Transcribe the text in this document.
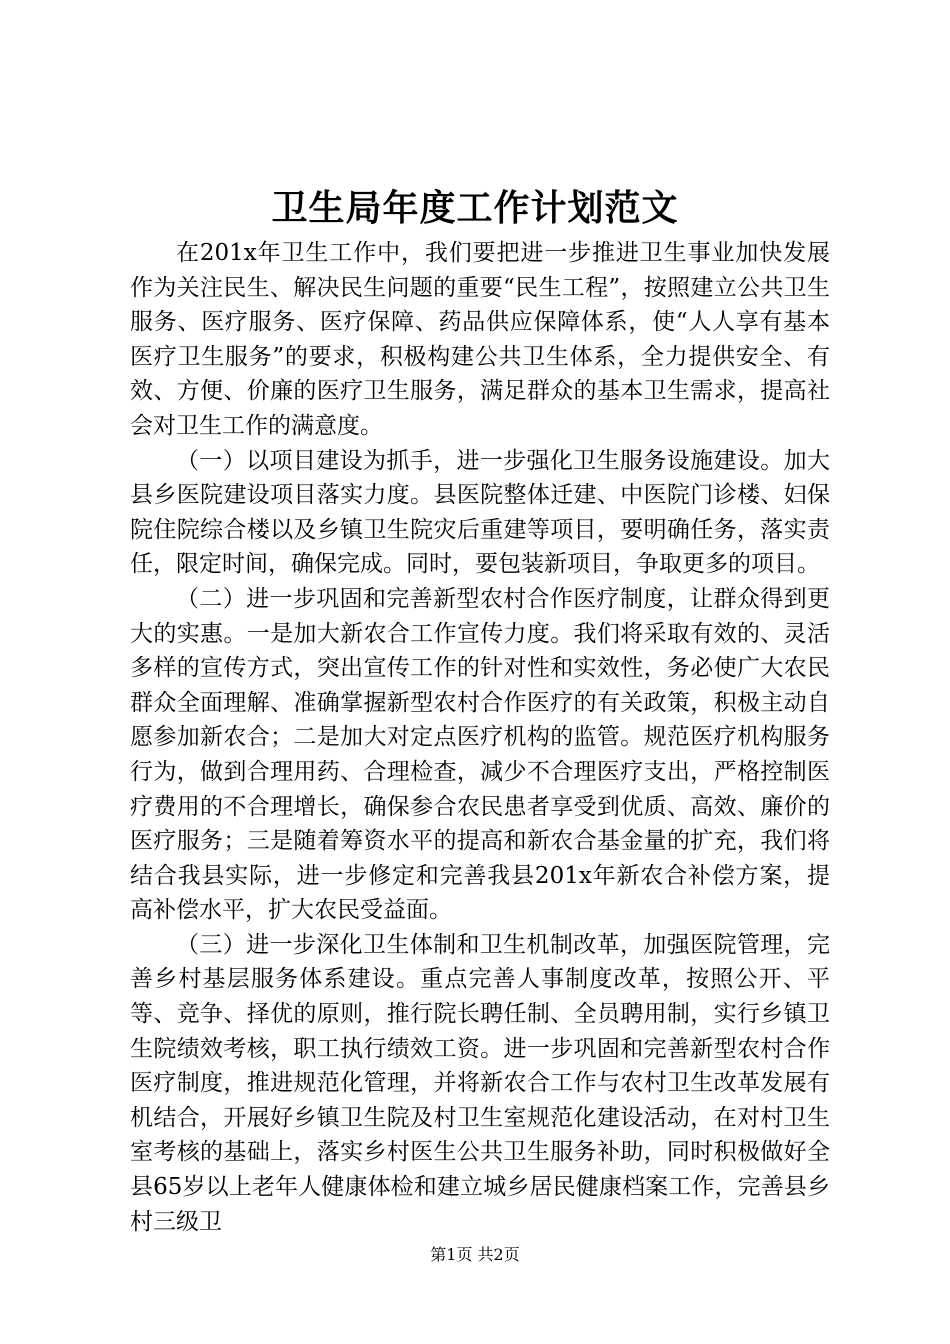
卫生局年度工作计划范文

在201x年卫生工作中，我们要把进一步推进卫生事业加快发展作为关注民生、解决民生问题的重要“民生工程”，按照建立公共卫生服务、医疗服务、医疗保障、药品供应保障体系，使“人人享有基本医疗卫生服务”的要求，积极构建公共卫生体系，全力提供安全、有效、方便、价廉的医疗卫生服务，满足群众的基本卫生需求，提高社会对卫生工作的满意度。

（一）以项目建设为抓手，进一步强化卫生服务设施建设。加大县乡医院建设项目落实力度。县医院整体迁建、中医院门诊楼、妇保院住院综合楼以及乡镇卫生院灾后重建等项目，要明确任务，落实责任，限定时间，确保完成。同时，要包装新项目，争取更多的项目。

（二）进一步巩固和完善新型农村合作医疗制度，让群众得到更大的实惠。一是加大新农合工作宣传力度。我们将采取有效的、灵活多样的宣传方式，突出宣传工作的针对性和实效性，务必使广大农民群众全面理解、准确掌握新型农村合作医疗的有关政策，积极主动自愿参加新农合；二是加大对定点医疗机构的监管。规范医疗机构服务行为，做到合理用药、合理检查，减少不合理医疗支出，严格控制医疗费用的不合理增长，确保参合农民患者享受到优质、高效、廉价的医疗服务；三是随着筹资水平的提高和新农合基金量的扩充，我们将结合我县实际，进一步修定和完善我县201x年新农合补偿方案，提高补偿水平，扩大农民受益面。

（三）进一步深化卫生体制和卫生机制改革，加强医院管理，完善乡村基层服务体系建设。重点完善人事制度改革，按照公开、平等、竞争、择优的原则，推行院长聘任制、全员聘用制，实行乡镇卫生院绩效考核，职工执行绩效工资。进一步巩固和完善新型农村合作医疗制度，推进规范化管理，并将新农合工作与农村卫生改革发展有机结合，开展好乡镇卫生院及村卫生室规范化建设活动，在对村卫生室考核的基础上，落实乡村医生公共卫生服务补助，同时积极做好全县65岁以上老年人健康体检和建立城乡居民健康档案工作，完善县乡村三级卫

第1页 共2页
